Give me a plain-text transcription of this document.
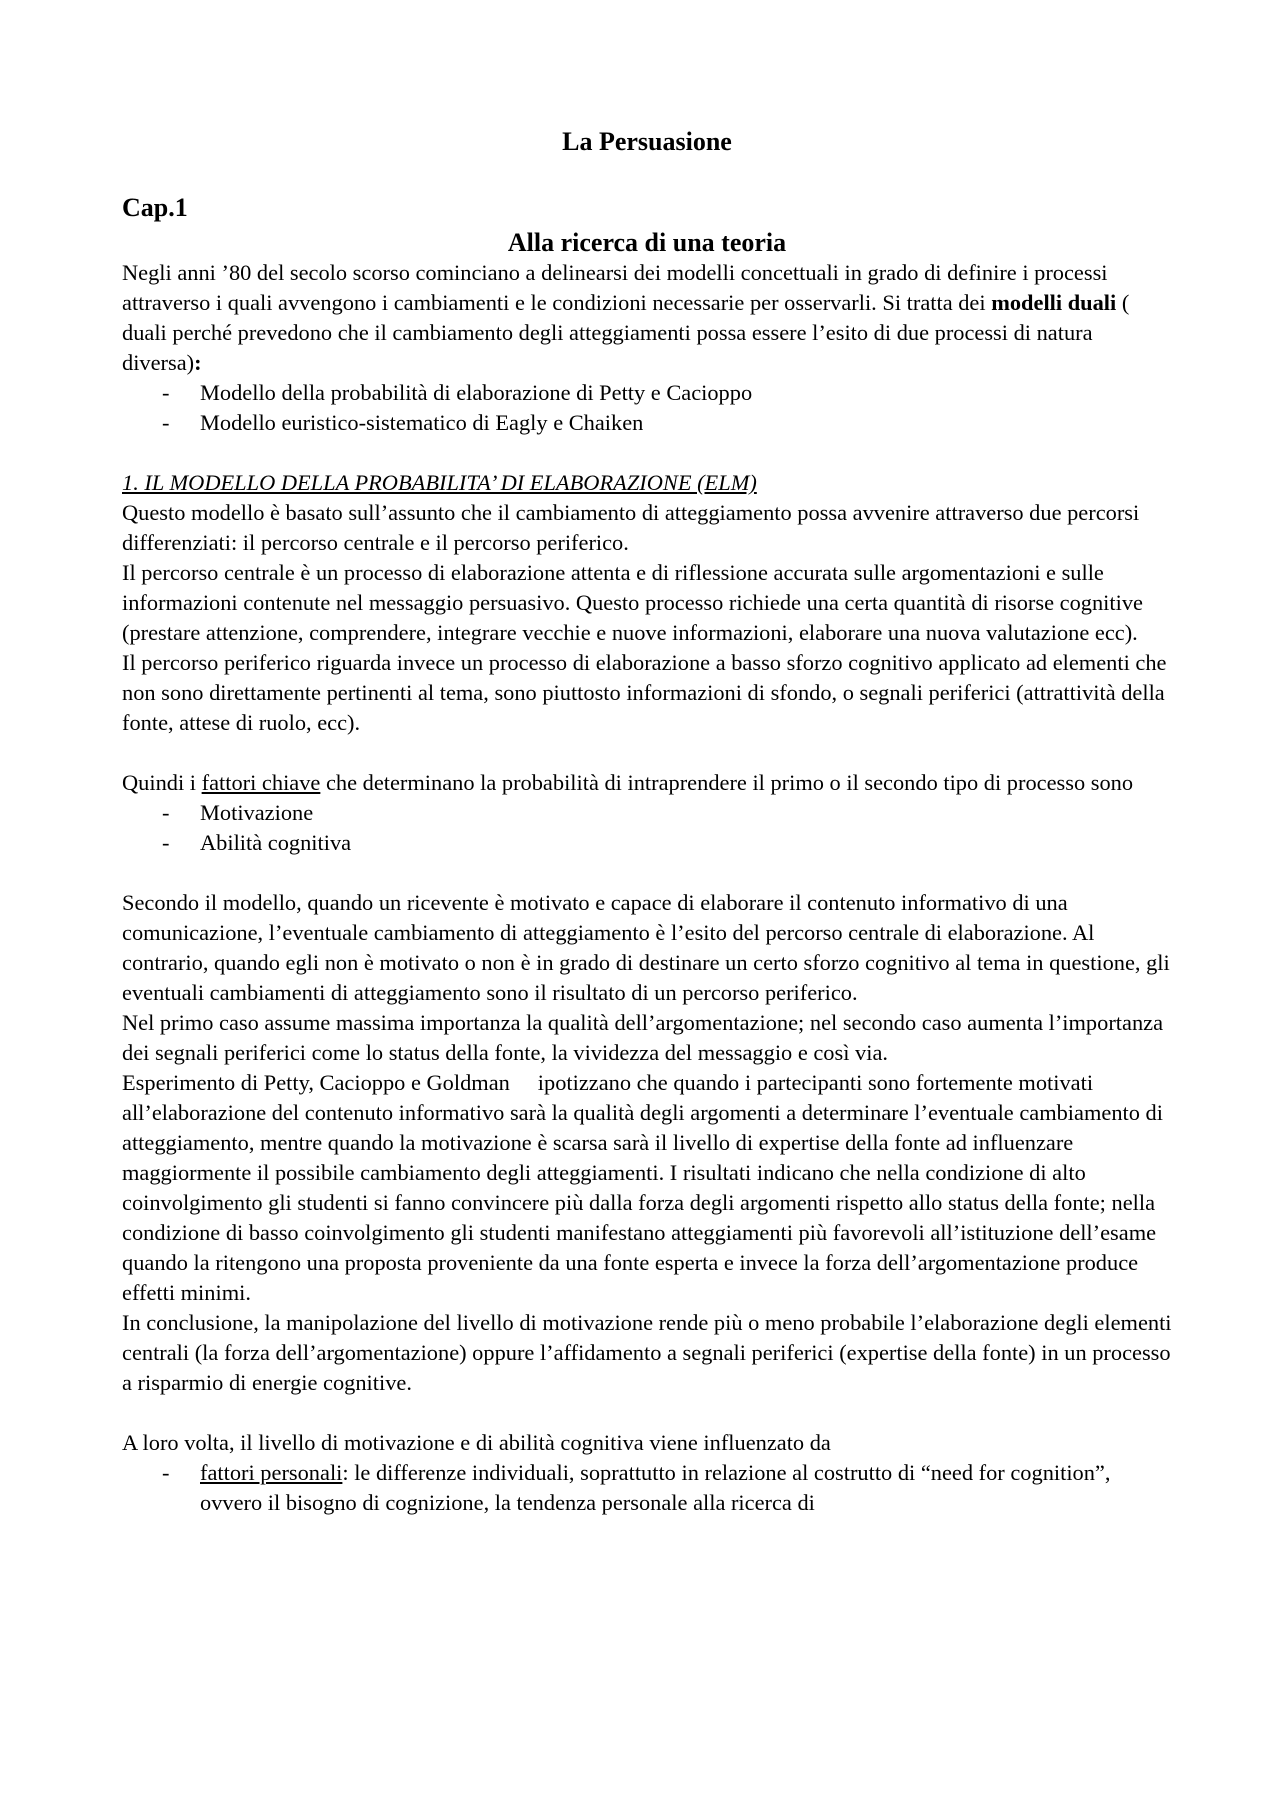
La Persuasione
Cap.1
Alla ricerca di una teoria

Negli anni ’80 del secolo scorso cominciano a delinearsi dei modelli concettuali in grado di definire i processi attraverso i quali avvengono i cambiamenti e le condizioni necessarie per osservarli. Si tratta dei modelli duali ( duali perché prevedono che il cambiamento degli atteggiamenti possa essere l’esito di due processi di natura diversa):

- Modello della probabilità di elaborazione di Petty e Cacioppo
- Modello euristico-sistematico di Eagly e Chaiken

1. IL MODELLO DELLA PROBABILITA’ DI ELABORAZIONE (ELM)

Questo modello è basato sull’assunto che il cambiamento di atteggiamento possa avvenire attraverso due percorsi differenziati: il percorso centrale e il percorso periferico.

Il percorso centrale è un processo di elaborazione attenta e di riflessione accurata sulle argomentazioni e sulle informazioni contenute nel messaggio persuasivo. Questo processo richiede una certa quantità di risorse cognitive (prestare attenzione, comprendere, integrare vecchie e nuove informazioni, elaborare una nuova valutazione ecc).

Il percorso periferico riguarda invece un processo di elaborazione a basso sforzo cognitivo applicato ad elementi che non sono direttamente pertinenti al tema, sono piuttosto informazioni di sfondo, o segnali periferici (attrattività della fonte, attese di ruolo, ecc).

Quindi i fattori chiave che determinano la probabilità di intraprendere il primo o il secondo tipo di processo sono

- Motivazione
- Abilità cognitiva

Secondo il modello, quando un ricevente è motivato e capace di elaborare il contenuto informativo di una comunicazione, l’eventuale cambiamento di atteggiamento è l’esito del percorso centrale di elaborazione. Al contrario, quando egli non è motivato o non è in grado di destinare un certo sforzo cognitivo al tema in questione, gli eventuali cambiamenti di atteggiamento sono il risultato di un percorso periferico.

Nel primo caso assume massima importanza la qualità dell’argomentazione; nel secondo caso aumenta l’importanza dei segnali periferici come lo status della fonte, la vividezza del messaggio e così via.

Esperimento di Petty, Cacioppo e Goldman     ipotizzano che quando i partecipanti sono fortemente motivati all’elaborazione del contenuto informativo sarà la qualità degli argomenti a determinare l’eventuale cambiamento di atteggiamento, mentre quando la motivazione è scarsa sarà il livello di expertise della fonte ad influenzare maggiormente il possibile cambiamento degli atteggiamenti. I risultati indicano che nella condizione di alto coinvolgimento gli studenti si fanno convincere più dalla forza degli argomenti rispetto allo status della fonte; nella condizione di basso coinvolgimento gli studenti manifestano atteggiamenti più favorevoli all’istituzione dell’esame quando la ritengono una proposta proveniente da una fonte esperta e invece la forza dell’argomentazione produce effetti minimi.

In conclusione, la manipolazione del livello di motivazione rende più o meno probabile l’elaborazione degli elementi centrali (la forza dell’argomentazione) oppure l’affidamento a segnali periferici (expertise della fonte) in un processo a risparmio di energie cognitive.

A loro volta, il livello di motivazione e di abilità cognitiva viene influenzato da

- fattori personali: le differenze individuali, soprattutto in relazione al costrutto di “need for cognition”, ovvero il bisogno di cognizione, la tendenza personale alla ricerca di
